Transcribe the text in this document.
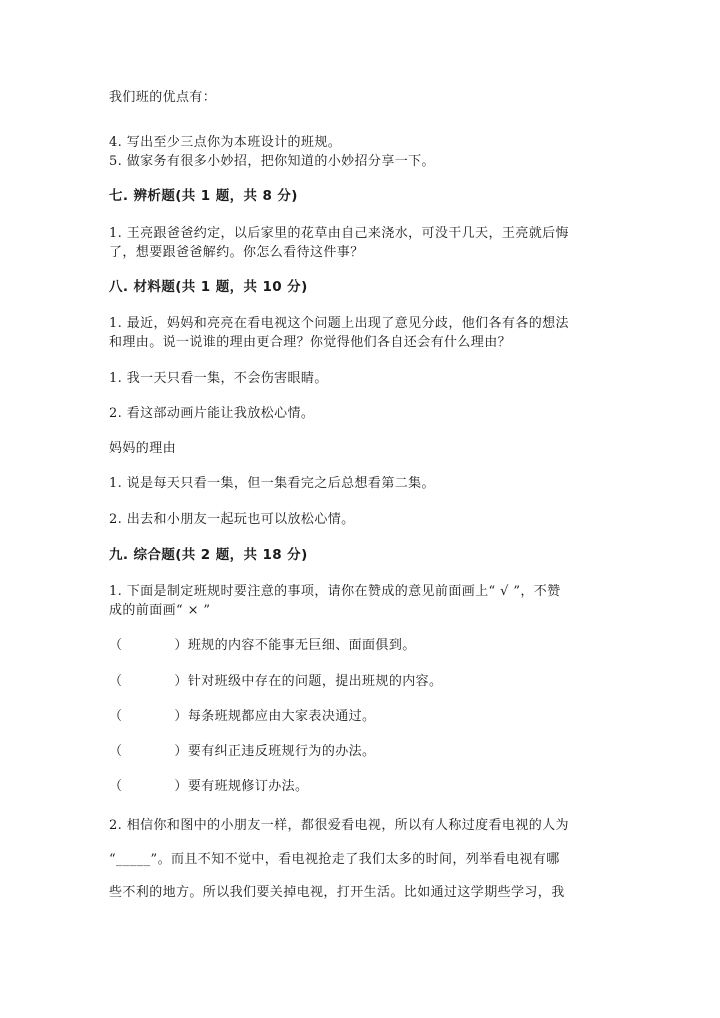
我们班的优点有：
4. 写出至少三点你为本班设计的班规。
5. 做家务有很多小妙招，把你知道的小妙招分享一下。
七. 辨析题(共 1 题，共 8 分)
1. 王亮跟爸爸约定，以后家里的花草由自己来浇水，可没干几天，王亮就后悔
了，想要跟爸爸解约。你怎么看待这件事？
八. 材料题(共 1 题，共 10 分)
1. 最近，妈妈和亮亮在看电视这个问题上出现了意见分歧，他们各有各的想法
和理由。说一说谁的理由更合理？你觉得他们各自还会有什么理由？
1. 我一天只看一集，不会伤害眼睛。
2. 看这部动画片能让我放松心情。
妈妈的理由
1. 说是每天只看一集，但一集看完之后总想看第二集。
2. 出去和小朋友一起玩也可以放松心情。
九. 综合题(共 2 题，共 18 分)
1. 下面是制定班规时要注意的事项，请你在赞成的意见前面画上“ √ ”，不赞
成的前面画“ × ”
（	）班规的内容不能事无巨细、面面俱到。
（	）针对班级中存在的问题，提出班规的内容。
（	）每条班规都应由大家表决通过。
（	）要有纠正违反班规行为的办法。
（	）要有班规修订办法。
2. 相信你和图中的小朋友一样，都很爱看电视，所以有人称过度看电视的人为
“_____”。而且不知不觉中，看电视抢走了我们太多的时间，列举看电视有哪
些不利的地方。所以我们要关掉电视，打开生活。比如通过这学期些学习，我
